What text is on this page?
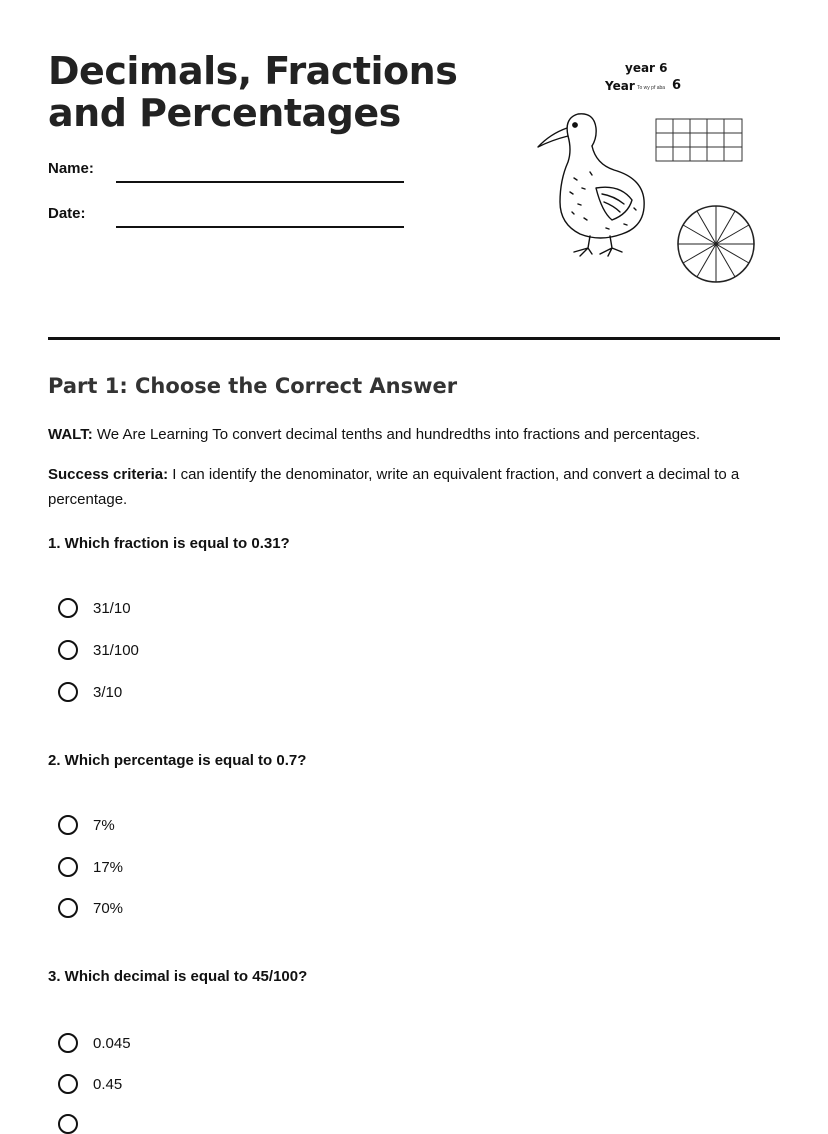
Decimals, Fractions and Percentages
Name:
Date:
year 6
Year To wy pf aba 6
Part 1: Choose the Correct Answer

WALT: We Are Learning To convert decimal tenths and hundredths into fractions and percentages.

Success criteria: I can identify the denominator, write an equivalent fraction, and convert a decimal to a percentage.

1. Which fraction is equal to 0.31?
31/10
31/100
3/10
2. Which percentage is equal to 0.7?
7%
17%
70%
3. Which decimal is equal to 45/100?
0.045
0.45
